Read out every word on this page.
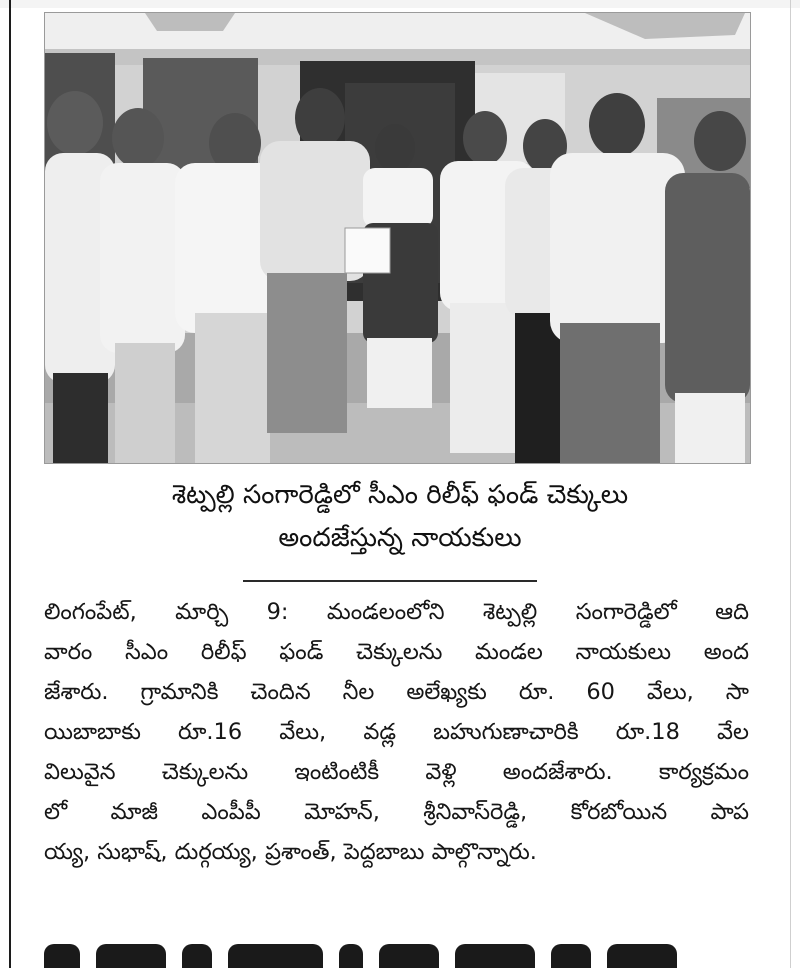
శెట్పల్లి సంగారెడ్డిలో సీఎం రిలీఫ్ ఫండ్ చెక్కులు

అందజేస్తున్న నాయకులు

లింగంపేట్, మార్చి 9: మండలంలోని శెట్పల్లి సంగారెడ్డిలో ఆది
వారం సీఎం రిలీఫ్ ఫండ్ చెక్కులను మండల నాయకులు అంద
జేశారు. గ్రామానికి చెందిన నీల అలేఖ్యకు రూ. 60 వేలు, సా
యిబాబాకు రూ.16 వేలు, వడ్ల బహుగుణాచారికి రూ.18 వేల
విలువైన చెక్కులను ఇంటింటికీ వెళ్లి అందజేశారు. కార్యక్రమం
లో మాజీ ఎంపీపీ మోహన్, శ్రీనివాస్‌రెడ్డి, కోరబోయిన పాప
య్య, సుభాష్, దుర్గయ్య, ప్రశాంత్, పెద్దబాబు పాల్గొన్నారు.
